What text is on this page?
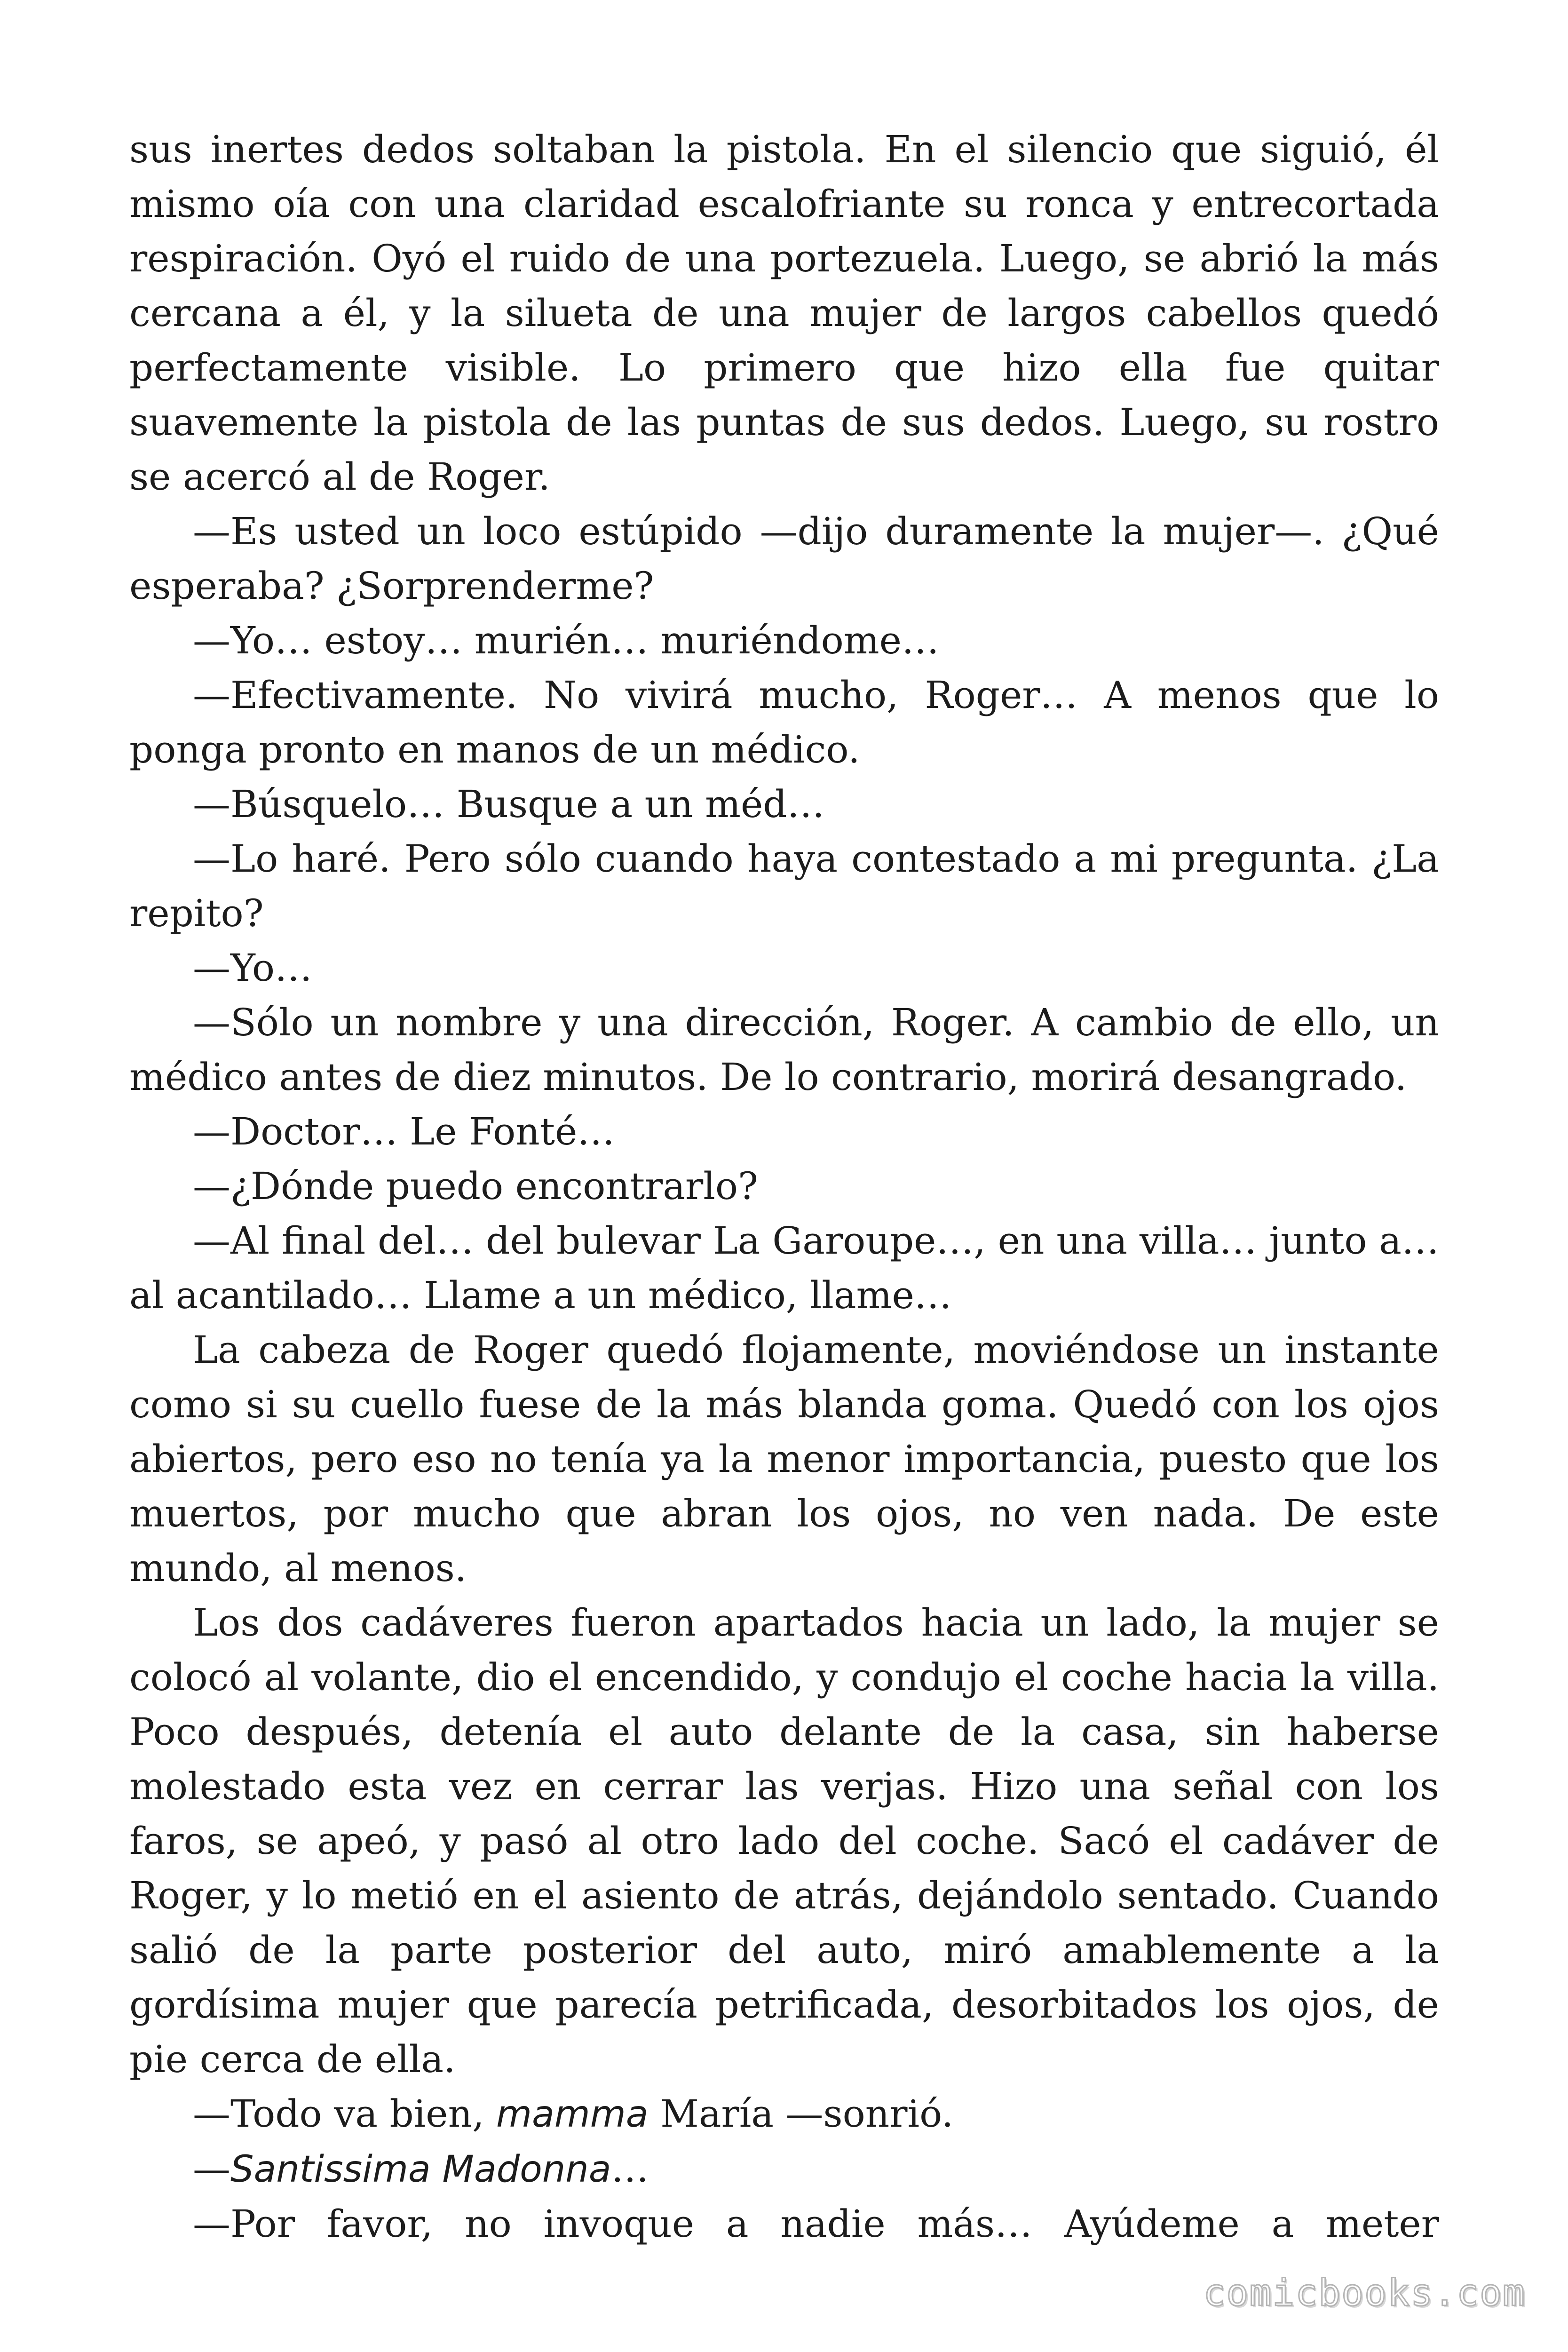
sus inertes dedos soltaban la pistola. En el silencio que siguió, él mismo oía con una claridad escalofriante su ronca y entrecortada respiración. Oyó el ruido de una portezuela. Luego, se abrió la más cercana a él, y la silueta de una mujer de largos cabellos quedó perfectamente visible. Lo primero que hizo ella fue quitar suavemente la pistola de las puntas de sus dedos. Luego, su rostro se acercó al de Roger.

—Es usted un loco estúpido —dijo duramente la mujer—. ¿Qué esperaba? ¿Sorprenderme?

—Yo… estoy… murién… muriéndome…

—Efectivamente. No vivirá mucho, Roger… A menos que lo ponga pronto en manos de un médico.

—Búsquelo… Busque a un méd…

—Lo haré. Pero sólo cuando haya contestado a mi pregunta. ¿La repito?

—Yo…

—Sólo un nombre y una dirección, Roger. A cambio de ello, un médico antes de diez minutos. De lo contrario, morirá desangrado.

—Doctor… Le Fonté…

—¿Dónde puedo encontrarlo?

—Al final del… del bulevar La Garoupe…, en una villa… junto a… al acantilado… Llame a un médico, llame…

La cabeza de Roger quedó flojamente, moviéndose un instante como si su cuello fuese de la más blanda goma. Quedó con los ojos abiertos, pero eso no tenía ya la menor importancia, puesto que los muertos, por mucho que abran los ojos, no ven nada. De este mundo, al menos.

Los dos cadáveres fueron apartados hacia un lado, la mujer se colocó al volante, dio el encendido, y condujo el coche hacia la villa. Poco después, detenía el auto delante de la casa, sin haberse molestado esta vez en cerrar las verjas. Hizo una señal con los faros, se apeó, y pasó al otro lado del coche. Sacó el cadáver de Roger, y lo metió en el asiento de atrás, dejándolo sentado. Cuando salió de la parte posterior del auto, miró amablemente a la gordísima mujer que parecía petrificada, desorbitados los ojos, de pie cerca de ella.

—Todo va bien, mamma María —sonrió.

—Santissima Madonna…

—Por favor, no invoque a nadie más… Ayúdeme a meter

comicbooks.com
